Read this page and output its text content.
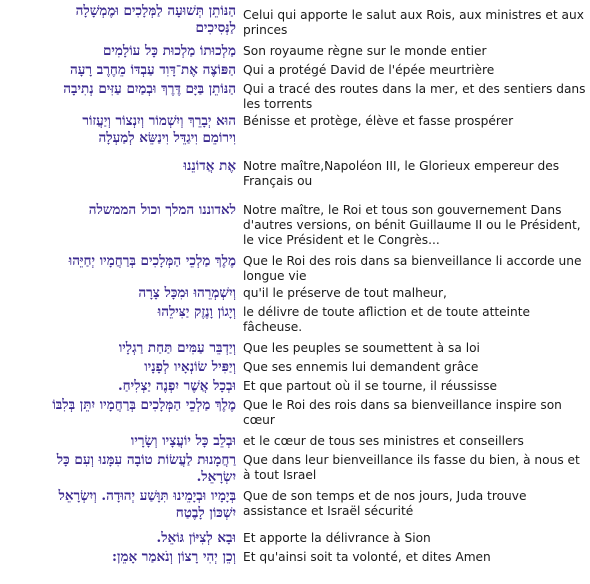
הַנּוֹתֵן תְּשׁוּעָה לַמְּלָכִים וּמֶמְשָׁלָה
לַנְּסִיכִים	Celui qui apporte le salut aux Rois, aux ministres et aux princes

מַלְכוּתוֹ מַלְכוּת כָּל עוֹלָמִים	Son royaume règne sur le monde entier

הַפּוֹצֶה אֶת־דָּוִד עַבְדּוֹ מֵחֶרֶב רָעָה	Qui a protégé David de l'épée meurtrière

הַנּוֹתֵן בַּיָּם דֶּרֶךְ וּבְמַיִם עַזִּים נְתִיבָה	Qui a tracé des routes dans la mer, et des sentiers dans les torrents

הוּא יְבָרֵךְ וְיִשְׁמוֹר וְיִנְצוֹר וְיַעֲזוֹר
וִירוֹמֵם וִיגַדֵּל וִינַשֵּׂא לְמַעְלָה	Bénisse et protège, élève et fasse prospérer

אֶת אֲדוֹנֵנוּ	Notre maître,Napoléon III, le Glorieux empereur des Français ou

לאדוננו המלך וכול הממשלה	Notre maître, le Roi et tous son gouvernement Dans d'autres versions, on bénit Guillaume II ou le Président, le vice Président et le Congrès...

מֶלֶךְ מַלְכֵי הַמְּלָכִים בְּרַחֲמָיו יְחַיֵּהוּ	Que le Roi des rois dans sa bienveillance li accorde une longue vie

וְיִשְׁמְרֵהוּ וּמִכָּל צָרָה	qu'il le préserve de tout malheur,

וְיָגוֹן וָנֶזֶק יַצִּילֵהוּ	le délivre de toute afliction et de toute atteinte fâcheuse.

וְיַדְבֵּר עַמִּים תַּחַת רַגְלָיו	Que les peuples se soumettent à sa loi

וְיַפִּיל שׂוֹנְאָיו לְפָנָיו	Que ses ennemis lui demandent grâce

וּבְכָל אֲשֶׁר יִפְנֶה יַצְלִיחַ.	Et que partout où il se tourne, il réussisse

מֶלֶךְ מַלְכֵי הַמְּלָכִים בְּרַחֲמָיו יִתֵּן בְּלִבּוֹ	Que le Roi des rois dans sa bienveillance inspire son cœur

וּבְלֵב כָּל יוֹעֲצָיו וְשָׂרָיו	et le cœur de tous ses ministres et conseillers

רַחֲמָנוּת לַעֲשׂוֹת טוֹבָה עִמָּנוּ וְעִם כָּל
יִשְׂרָאֵל.	Que dans leur bienveillance ils fasse du bien, à nous et à tout Israel

בְּיָמָיו וּבְיָמֵינוּ תִּוָּשַׁע יְהוּדָה. וְיִשְׂרָאֵל
יִשְׁכּוֹן לָבֶטַח	Que de son temps et de nos jours, Juda trouve assistance et Israël sécurité

וּבָא לְצִיּוֹן גּוֹאֵל.	Et apporte la délivrance à Sion

וְכֵן יְהִי רָצוֹן וְנֹאמַר אָמֵן:	Et qu'ainsi soit ta volonté, et dites Amen
